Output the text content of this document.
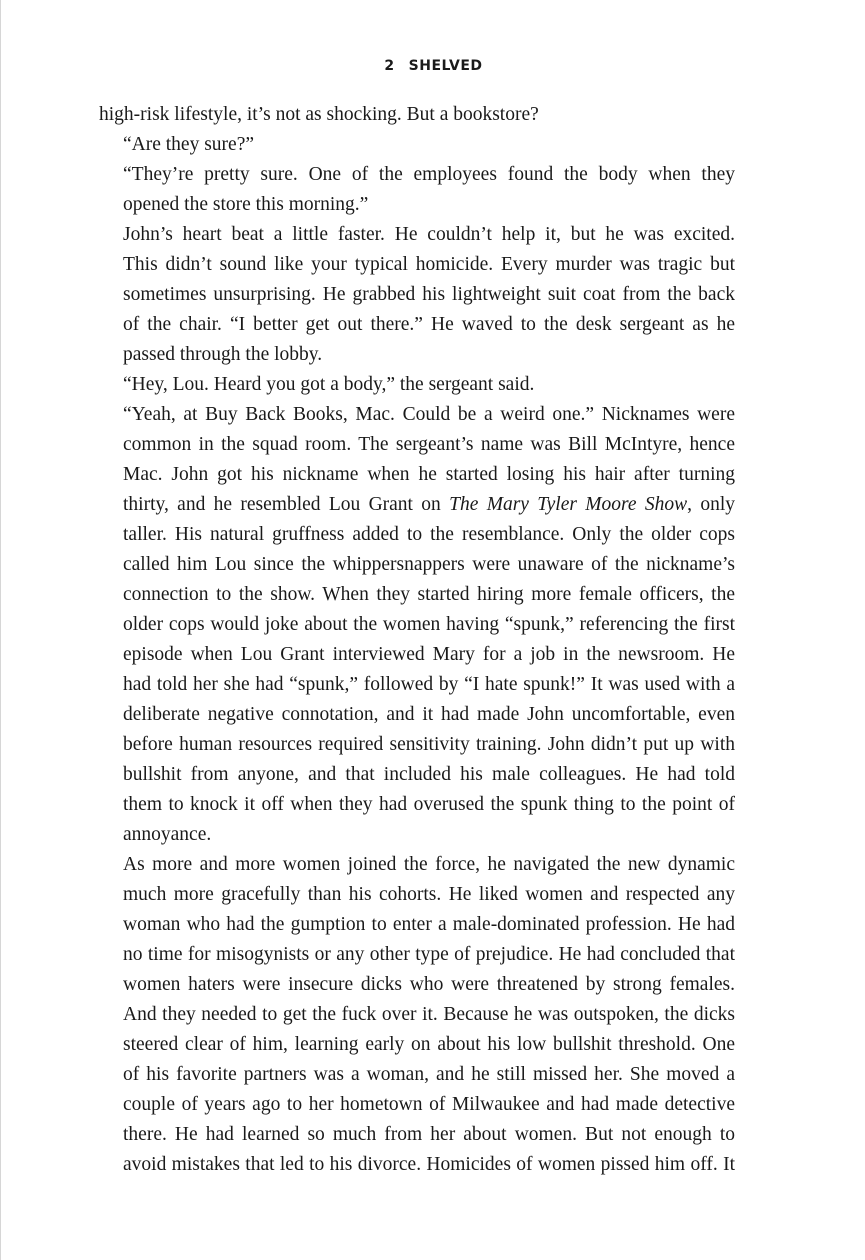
2 SHELVED

high-risk lifestyle, it’s not as shocking. But a bookstore?

“Are they sure?”

“They’re pretty sure. One of the employees found the body when they
opened the store this morning.”

John’s heart beat a little faster. He couldn’t help it, but he was excited.
This didn’t sound like your typical homicide. Every murder was tragic but
sometimes unsurprising. He grabbed his lightweight suit coat from the back
of the chair. “I better get out there.” He waved to the desk sergeant as he
passed through the lobby.

“Hey, Lou. Heard you got a body,” the sergeant said.

“Yeah, at Buy Back Books, Mac. Could be a weird one.” Nicknames were
common in the squad room. The sergeant’s name was Bill McIntyre, hence
Mac. John got his nickname when he started losing his hair after turning
thirty, and he resembled Lou Grant on The Mary Tyler Moore Show, only
taller. His natural gruffness added to the resemblance. Only the older cops
called him Lou since the whippersnappers were unaware of the nickname’s
connection to the show. When they started hiring more female officers, the
older cops would joke about the women having “spunk,” referencing the first
episode when Lou Grant interviewed Mary for a job in the newsroom. He
had told her she had “spunk,” followed by “I hate spunk!” It was used with a
deliberate negative connotation, and it had made John uncomfortable, even
before human resources required sensitivity training. John didn’t put up with
bullshit from anyone, and that included his male colleagues. He had told
them to knock it off when they had overused the spunk thing to the point of
annoyance.

As more and more women joined the force, he navigated the new dynamic
much more gracefully than his cohorts. He liked women and respected any
woman who had the gumption to enter a male-dominated profession. He had
no time for misogynists or any other type of prejudice. He had concluded that
women haters were insecure dicks who were threatened by strong females.
And they needed to get the fuck over it. Because he was outspoken, the dicks
steered clear of him, learning early on about his low bullshit threshold. One
of his favorite partners was a woman, and he still missed her. She moved a
couple of years ago to her hometown of Milwaukee and had made detective
there. He had learned so much from her about women. But not enough to
avoid mistakes that led to his divorce. Homicides of women pissed him off. It
